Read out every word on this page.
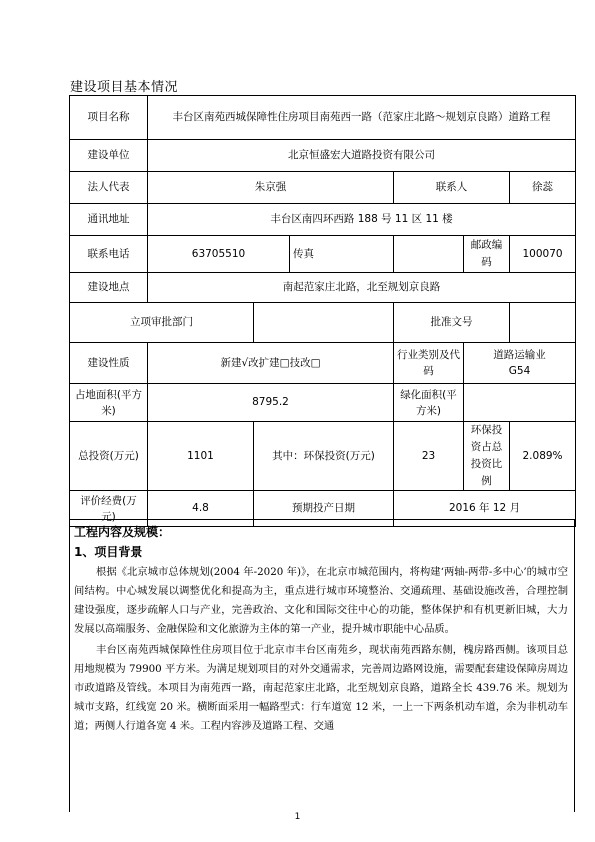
建设项目基本情况
项目名称	丰台区南苑西城保障性住房项目南苑西一路（范家庄北路～规划京良路）道路工程					
建设单位	北京恒盛宏大道路投资有限公司					
法人代表	朱京强			联系人		徐蕊
通讯地址	丰台区南四环西路 188 号 11 区 11 楼					
联系电话	63705510		传真		邮政编码	100070
建设地点	南起范家庄北路，北至规划京良路					
立项审批部门				批准文号		
建设性质	新建√改扩建□技改□			行业类别及代码	道路运输业
G54	

占地面积(平方米)	8795.2			绿化面积(平方米)		
总投资(万元)	1101	其中：环保投资(万元)		23	环保投资占总投资比例	2.089%
评价经费(万元)	4.8	预期投产日期		2016 年 12 月		
工程内容及规模：
1、项目背景

根据《北京城市总体规划(2004 年-2020 年)》，在北京市城范围内，将构建‘两轴-两带-多中心’的城市空间结构。中心城发展以调整优化和提高为主，重点进行城市环境整治、交通疏理、基础设施改善，合理控制建设强度，逐步疏解人口与产业，完善政治、文化和国际交往中心的功能，整体保护和有机更新旧城，大力发展以高端服务、金融保险和文化旅游为主体的第一产业，提升城市职能中心品质。

丰台区南苑西城保障性住房项目位于北京市丰台区南苑乡，现状南苑西路东侧，槐房路西侧。该项目总用地规模为 79900 平方米。为满足规划项目的对外交通需求，完善周边路网设施，需要配套建设保障房周边市政道路及管线。本项目为南苑西一路，南起范家庄北路，北至规划京良路，道路全长 439.76 米。规划为城市支路，红线宽 20 米。横断面采用一幅路型式：行车道宽 12 米，一上一下两条机动车道，余为非机动车道；两侧人行道各宽 4 米。工程内容涉及道路工程、交通

1
